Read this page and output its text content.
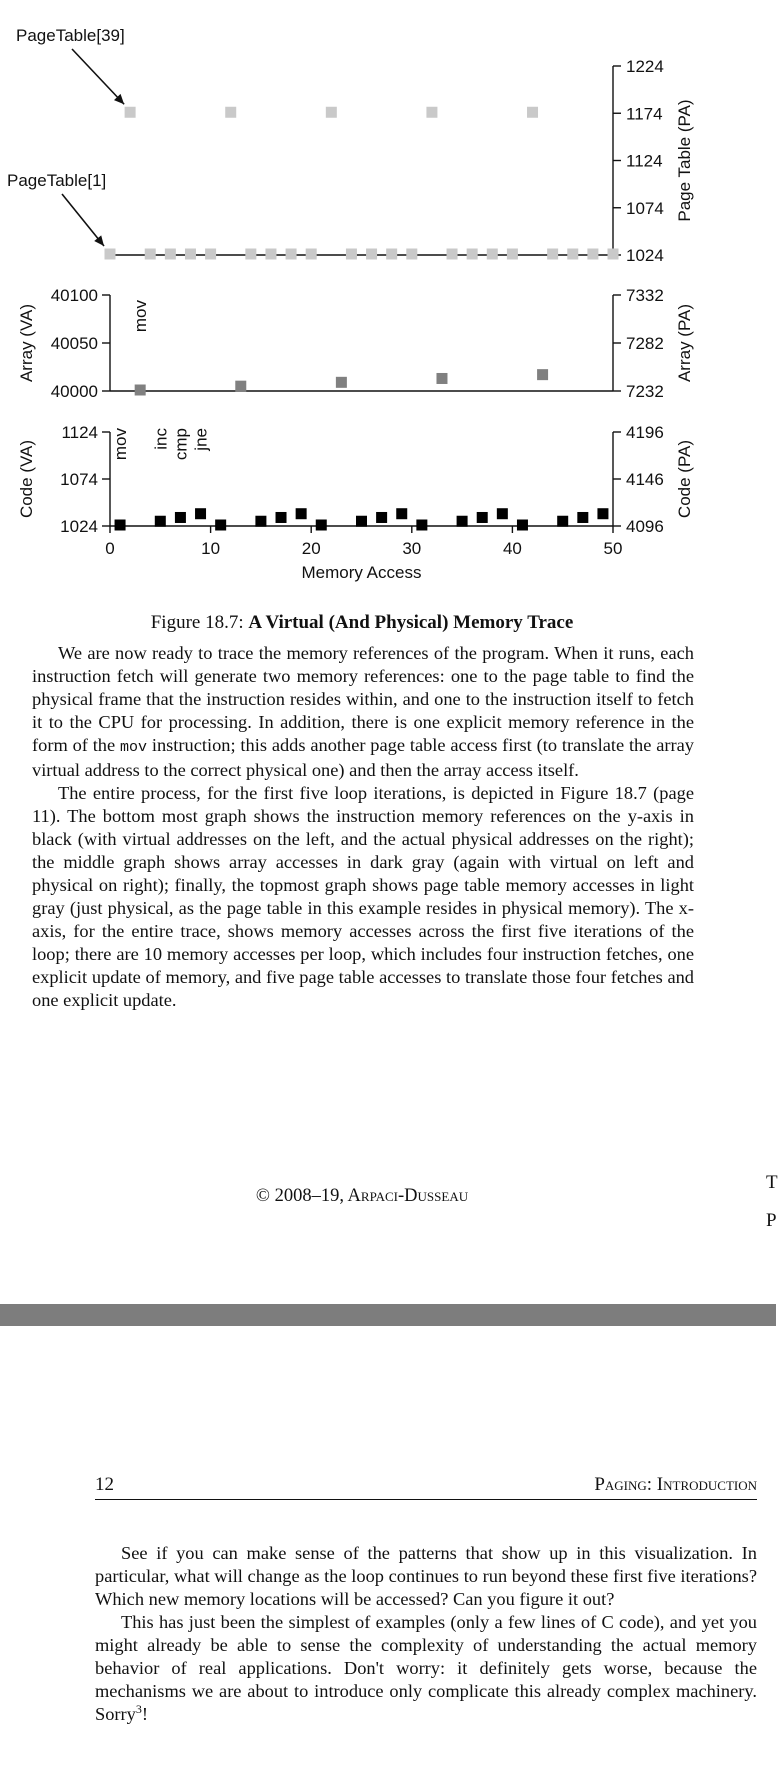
1024
1074
1124
1174
1224
Page Table (PA)
7232
7282
7332
Array (PA)
40000
40050
40100
Array (VA)
4096
4146
4196
Code (PA)
1024
1074
1124
Code (VA)
0	10	20	30	40	50
Memory Access
PageTable[39]
PageTable[1]
mov
mov inc cmp jne
Figure 18.7: A Virtual (And Physical) Memory Trace

We are now ready to trace the memory references of the program. When it runs, each instruction fetch will generate two memory references: one to the page table to find the physical frame that the instruction resides within, and one to the instruction itself to fetch it to the CPU for processing. In addition, there is one explicit memory reference in the form of the mov instruction; this adds another page table access first (to translate the array virtual address to the correct physical one) and then the array access itself.

The entire process, for the first five loop iterations, is depicted in Figure 18.7 (page 11). The bottom most graph shows the instruction memory references on the y-axis in black (with virtual addresses on the left, and the actual physical addresses on the right); the middle graph shows array accesses in dark gray (again with virtual on left and physical on right); finally, the topmost graph shows page table memory accesses in light gray (just physical, as the page table in this example resides in physical memory). The x-axis, for the entire trace, shows memory accesses across the first five iterations of the loop; there are 10 memory accesses per loop, which includes four instruction fetches, one explicit update of memory, and five page table accesses to translate those four fetches and one explicit update.

© 2008–19, Arpaci-Dusseau
T
P
12	Paging: Introduction

See if you can make sense of the patterns that show up in this visualization. In particular, what will change as the loop continues to run beyond these first five iterations? Which new memory locations will be accessed? Can you figure it out?

This has just been the simplest of examples (only a few lines of C code), and yet you might already be able to sense the complexity of understanding the actual memory behavior of real applications. Don't worry: it definitely gets worse, because the mechanisms we are about to introduce only complicate this already complex machinery. Sorry$^3$!
